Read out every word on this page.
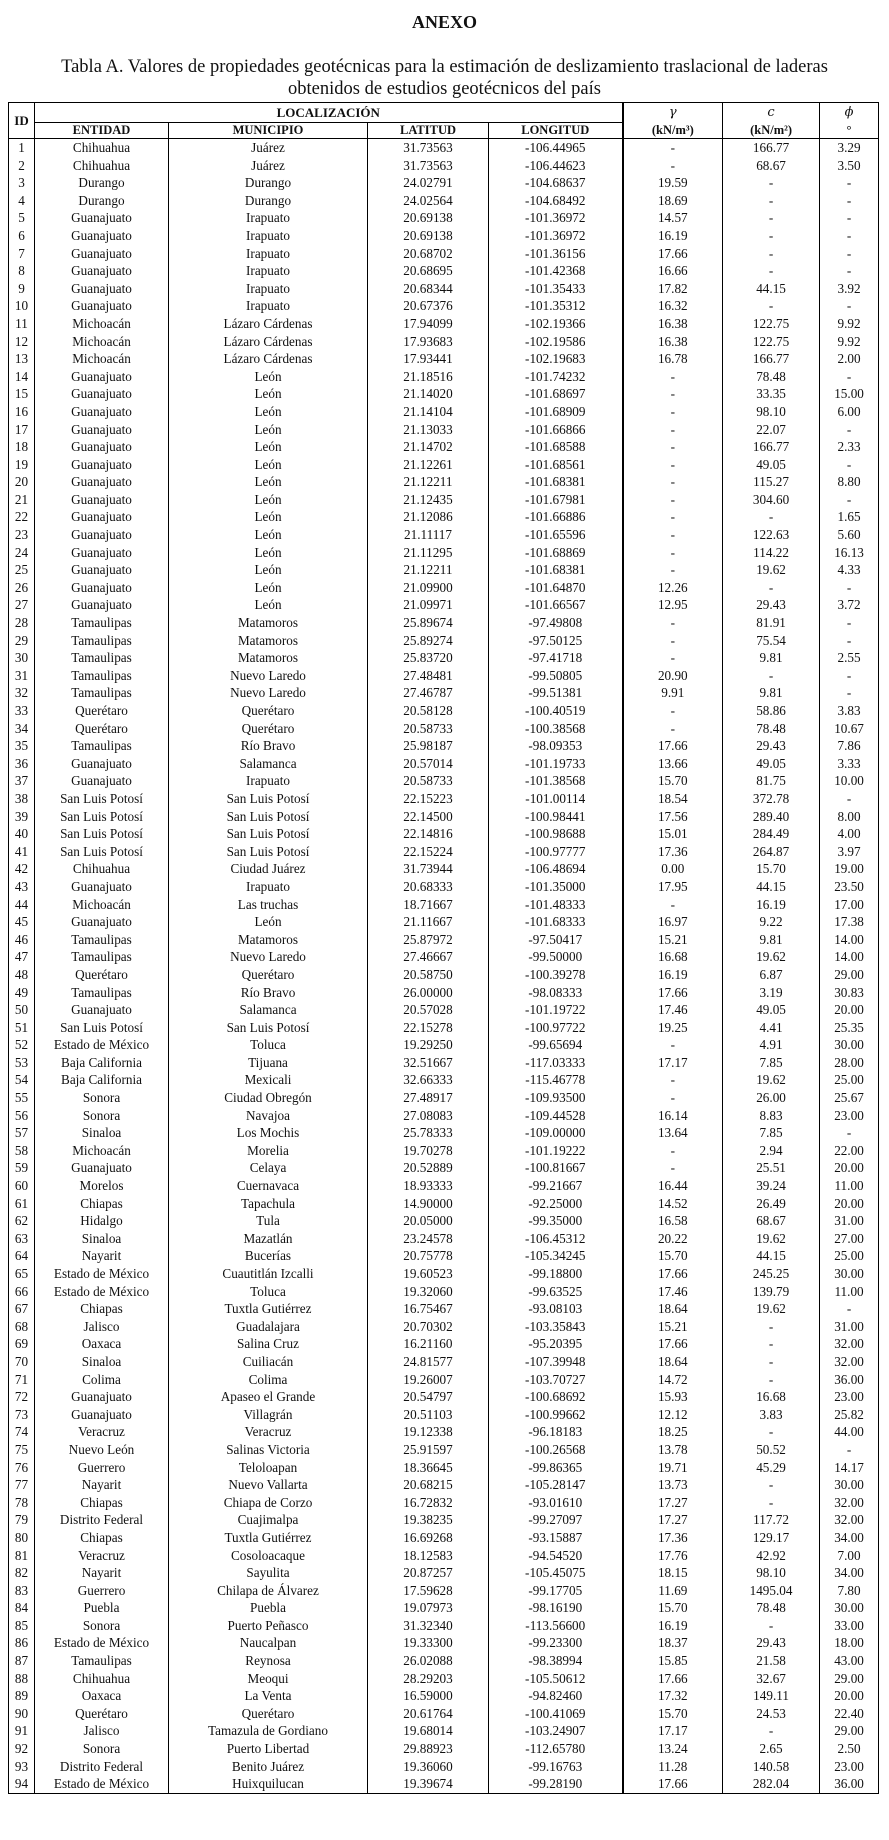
ANEXO
Tabla A. Valores de propiedades geotécnicas para la estimación de deslizamiento traslacional de laderas
obtenidos de estudios geotécnicos del país
ID	LOCALIZACIÓN				γ	c	ϕ
	ENTIDAD	MUNICIPIO	LATITUD	LONGITUD	(kN/m³)	(kN/m²)	°
1	Chihuahua	Juárez	31.73563	-106.44965	-	166.77	3.29
2	Chihuahua	Juárez	31.73563	-106.44623	-	68.67	3.50
3	Durango	Durango	24.02791	-104.68637	19.59	-	-
4	Durango	Durango	24.02564	-104.68492	18.69	-	-
5	Guanajuato	Irapuato	20.69138	-101.36972	14.57	-	-
6	Guanajuato	Irapuato	20.69138	-101.36972	16.19	-	-
7	Guanajuato	Irapuato	20.68702	-101.36156	17.66	-	-
8	Guanajuato	Irapuato	20.68695	-101.42368	16.66	-	-
9	Guanajuato	Irapuato	20.68344	-101.35433	17.82	44.15	3.92
10	Guanajuato	Irapuato	20.67376	-101.35312	16.32	-	-
11	Michoacán	Lázaro Cárdenas	17.94099	-102.19366	16.38	122.75	9.92
12	Michoacán	Lázaro Cárdenas	17.93683	-102.19586	16.38	122.75	9.92
13	Michoacán	Lázaro Cárdenas	17.93441	-102.19683	16.78	166.77	2.00
14	Guanajuato	León	21.18516	-101.74232	-	78.48	-
15	Guanajuato	León	21.14020	-101.68697	-	33.35	15.00
16	Guanajuato	León	21.14104	-101.68909	-	98.10	6.00
17	Guanajuato	León	21.13033	-101.66866	-	22.07	-
18	Guanajuato	León	21.14702	-101.68588	-	166.77	2.33
19	Guanajuato	León	21.12261	-101.68561	-	49.05	-
20	Guanajuato	León	21.12211	-101.68381	-	115.27	8.80
21	Guanajuato	León	21.12435	-101.67981	-	304.60	-
22	Guanajuato	León	21.12086	-101.66886	-	-	1.65
23	Guanajuato	León	21.11117	-101.65596	-	122.63	5.60
24	Guanajuato	León	21.11295	-101.68869	-	114.22	16.13
25	Guanajuato	León	21.12211	-101.68381	-	19.62	4.33
26	Guanajuato	León	21.09900	-101.64870	12.26	-	-
27	Guanajuato	León	21.09971	-101.66567	12.95	29.43	3.72
28	Tamaulipas	Matamoros	25.89674	-97.49808	-	81.91	-
29	Tamaulipas	Matamoros	25.89274	-97.50125	-	75.54	-
30	Tamaulipas	Matamoros	25.83720	-97.41718	-	9.81	2.55
31	Tamaulipas	Nuevo Laredo	27.48481	-99.50805	20.90	-	-
32	Tamaulipas	Nuevo Laredo	27.46787	-99.51381	9.91	9.81	-
33	Querétaro	Querétaro	20.58128	-100.40519	-	58.86	3.83
34	Querétaro	Querétaro	20.58733	-100.38568	-	78.48	10.67
35	Tamaulipas	Río Bravo	25.98187	-98.09353	17.66	29.43	7.86
36	Guanajuato	Salamanca	20.57014	-101.19733	13.66	49.05	3.33
37	Guanajuato	Irapuato	20.58733	-101.38568	15.70	81.75	10.00
38	San Luis Potosí	San Luis Potosí	22.15223	-101.00114	18.54	372.78	-
39	San Luis Potosí	San Luis Potosí	22.14500	-100.98441	17.56	289.40	8.00
40	San Luis Potosí	San Luis Potosí	22.14816	-100.98688	15.01	284.49	4.00
41	San Luis Potosí	San Luis Potosí	22.15224	-100.97777	17.36	264.87	3.97
42	Chihuahua	Ciudad Juárez	31.73944	-106.48694	0.00	15.70	19.00
43	Guanajuato	Irapuato	20.68333	-101.35000	17.95	44.15	23.50
44	Michoacán	Las truchas	18.71667	-101.48333	-	16.19	17.00
45	Guanajuato	León	21.11667	-101.68333	16.97	9.22	17.38
46	Tamaulipas	Matamoros	25.87972	-97.50417	15.21	9.81	14.00
47	Tamaulipas	Nuevo Laredo	27.46667	-99.50000	16.68	19.62	14.00
48	Querétaro	Querétaro	20.58750	-100.39278	16.19	6.87	29.00
49	Tamaulipas	Río Bravo	26.00000	-98.08333	17.66	3.19	30.83
50	Guanajuato	Salamanca	20.57028	-101.19722	17.46	49.05	20.00
51	San Luis Potosí	San Luis Potosí	22.15278	-100.97722	19.25	4.41	25.35
52	Estado de México	Toluca	19.29250	-99.65694	-	4.91	30.00
53	Baja California	Tijuana	32.51667	-117.03333	17.17	7.85	28.00
54	Baja California	Mexicali	32.66333	-115.46778	-	19.62	25.00
55	Sonora	Ciudad Obregón	27.48917	-109.93500	-	26.00	25.67
56	Sonora	Navajoa	27.08083	-109.44528	16.14	8.83	23.00
57	Sinaloa	Los Mochis	25.78333	-109.00000	13.64	7.85	-
58	Michoacán	Morelia	19.70278	-101.19222	-	2.94	22.00
59	Guanajuato	Celaya	20.52889	-100.81667	-	25.51	20.00
60	Morelos	Cuernavaca	18.93333	-99.21667	16.44	39.24	11.00
61	Chiapas	Tapachula	14.90000	-92.25000	14.52	26.49	20.00
62	Hidalgo	Tula	20.05000	-99.35000	16.58	68.67	31.00
63	Sinaloa	Mazatlán	23.24578	-106.45312	20.22	19.62	27.00
64	Nayarit	Bucerías	20.75778	-105.34245	15.70	44.15	25.00
65	Estado de México	Cuautitlán Izcalli	19.60523	-99.18800	17.66	245.25	30.00
66	Estado de México	Toluca	19.32060	-99.63525	17.46	139.79	11.00
67	Chiapas	Tuxtla Gutiérrez	16.75467	-93.08103	18.64	19.62	-
68	Jalisco	Guadalajara	20.70302	-103.35843	15.21	-	31.00
69	Oaxaca	Salina Cruz	16.21160	-95.20395	17.66	-	32.00
70	Sinaloa	Cuiliacán	24.81577	-107.39948	18.64	-	32.00
71	Colima	Colima	19.26007	-103.70727	14.72	-	36.00
72	Guanajuato	Apaseo el Grande	20.54797	-100.68692	15.93	16.68	23.00
73	Guanajuato	Villagrán	20.51103	-100.99662	12.12	3.83	25.82
74	Veracruz	Veracruz	19.12338	-96.18183	18.25	-	44.00
75	Nuevo León	Salinas Victoria	25.91597	-100.26568	13.78	50.52	-
76	Guerrero	Teloloapan	18.36645	-99.86365	19.71	45.29	14.17
77	Nayarit	Nuevo Vallarta	20.68215	-105.28147	13.73	-	30.00
78	Chiapas	Chiapa de Corzo	16.72832	-93.01610	17.27	-	32.00
79	Distrito Federal	Cuajimalpa	19.38235	-99.27097	17.27	117.72	32.00
80	Chiapas	Tuxtla Gutiérrez	16.69268	-93.15887	17.36	129.17	34.00
81	Veracruz	Cosoloacaque	18.12583	-94.54520	17.76	42.92	7.00
82	Nayarit	Sayulita	20.87257	-105.45075	18.15	98.10	34.00
83	Guerrero	Chilapa de Álvarez	17.59628	-99.17705	11.69	1495.04	7.80
84	Puebla	Puebla	19.07973	-98.16190	15.70	78.48	30.00
85	Sonora	Puerto Peñasco	31.32340	-113.56600	16.19	-	33.00
86	Estado de México	Naucalpan	19.33300	-99.23300	18.37	29.43	18.00
87	Tamaulipas	Reynosa	26.02088	-98.38994	15.85	21.58	43.00
88	Chihuahua	Meoqui	28.29203	-105.50612	17.66	32.67	29.00
89	Oaxaca	La Venta	16.59000	-94.82460	17.32	149.11	20.00
90	Querétaro	Querétaro	20.61764	-100.41069	15.70	24.53	22.40
91	Jalisco	Tamazula de Gordiano	19.68014	-103.24907	17.17	-	29.00
92	Sonora	Puerto Libertad	29.88923	-112.65780	13.24	2.65	2.50
93	Distrito Federal	Benito Juárez	19.36060	-99.16763	11.28	140.58	23.00
94	Estado de México	Huixquilucan	19.39674	-99.28190	17.66	282.04	36.00
